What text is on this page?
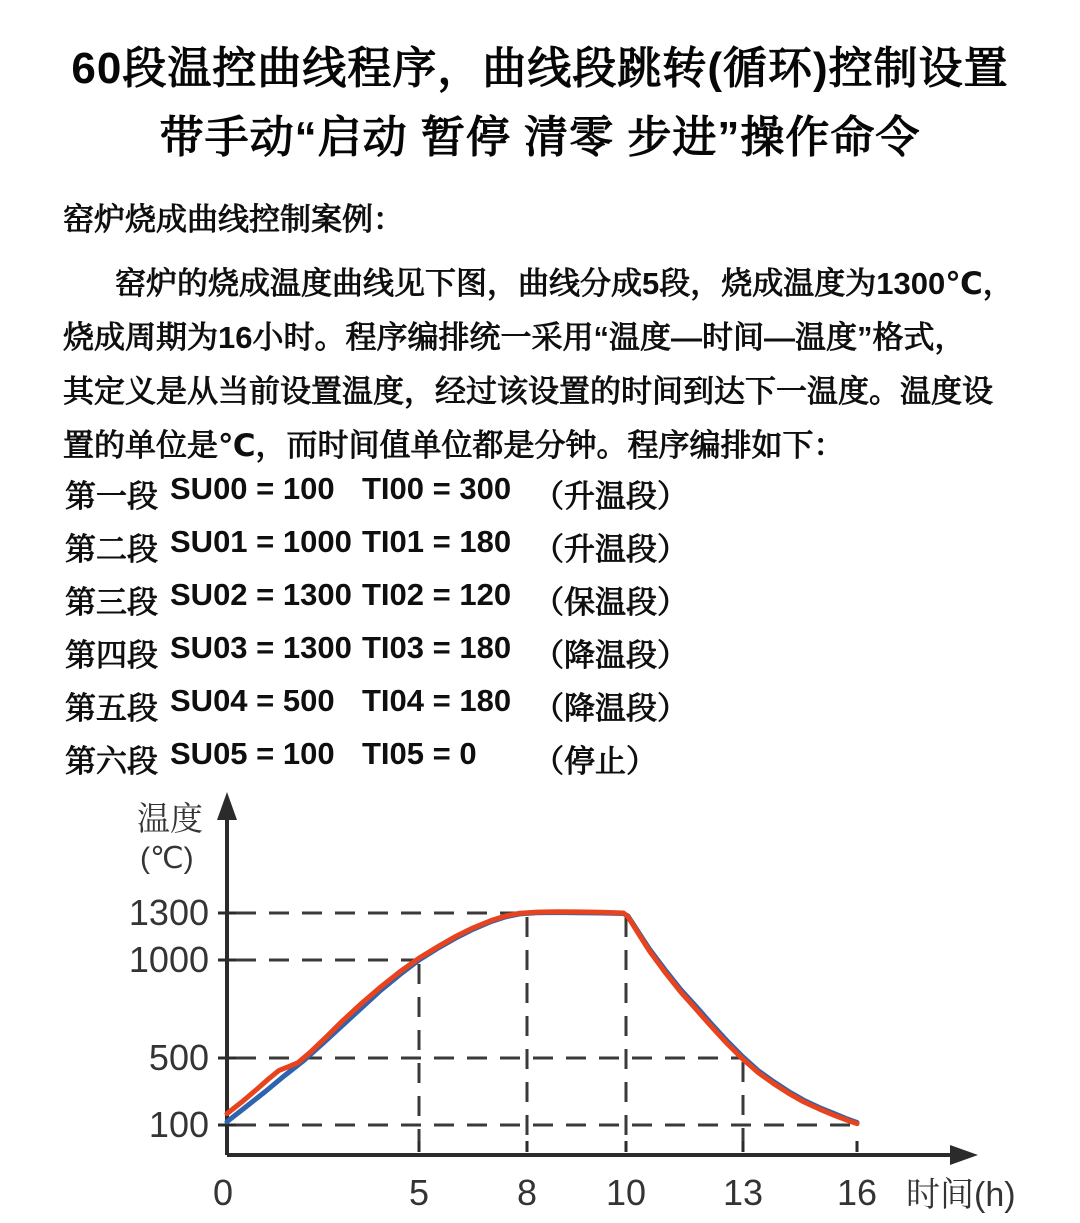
60段温控曲线程序，曲线段跳转(循环)控制设置
带手动“启动 暂停 清零 步进”操作命令
窑炉烧成曲线控制案例：
窑炉的烧成温度曲线见下图，曲线分成5段，烧成温度为1300℃，
烧成周期为16小时。程序编排统一采用“温度—时间—温度”格式，
其定义是从当前设置温度，经过该设置的时间到达下一温度。温度设
置的单位是℃，而时间值单位都是分钟。程序编排如下：
第一段 SU00 = 100 TI00 = 300 （升温段）
第二段 SU01 = 1000 TI01 = 180 （升温段）
第三段 SU02 = 1300 TI02 = 120 （保温段）
第四段 SU03 = 1300 TI03 = 180 （降温段）
第五段 SU04 = 500 TI04 = 180 （降温段）
第六段 SU05 = 100 TI05 = 0	（停止）
1300
1000
500
100
0	5 8 10 13 16
温度
(℃)
时间(h)
